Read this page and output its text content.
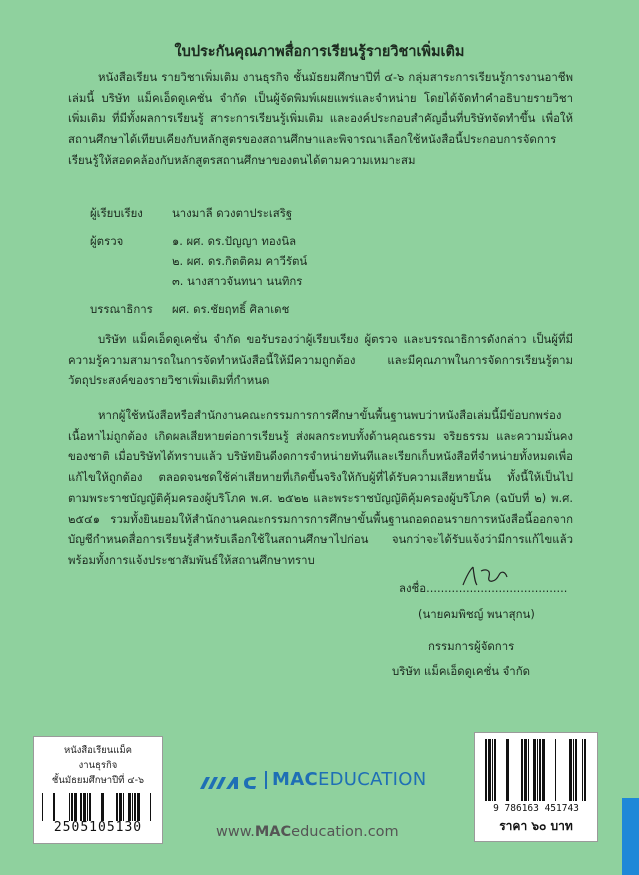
ใบประกันคุณภาพสื่อการเรียนรู้รายวิชาเพิ่มเติม

หนังสือเรียน รายวิชาเพิ่มเติม งานธุรกิจ ชั้นมัธยมศึกษาปีที่ ๔-๖ กลุ่มสาระการเรียนรู้การงานอาชีพ เล่มนี้ บริษัท แม็คเอ็ดดูเคชั่น จำกัด เป็นผู้จัดพิมพ์เผยแพร่และจำหน่าย โดยได้จัดทำคำอธิบายรายวิชาเพิ่มเติม ที่มีทั้งผลการเรียนรู้ สาระการเรียนรู้เพิ่มเติม และองค์ประกอบสำคัญอื่นที่บริษัทจัดทำขึ้น เพื่อให้สถานศึกษาได้เทียบเคียงกับหลักสูตรของสถานศึกษาและพิจารณาเลือกใช้หนังสือนี้ประกอบการจัดการเรียนรู้ให้สอดคล้องกับหลักสูตรสถานศึกษาของตนได้ตามความเหมาะสม

ผู้เรียบเรียง	นางมาลี ดวงตาประเสริฐ
ผู้ตรวจ	๑. ผศ. ดร.ปัญญา ทองนิล
๒. ผศ. ดร.กิตติคม คาวีรัตน์
๓. นางสาวจันทนา นนทิกร
บรรณาธิการ ผศ. ดร.ชัยฤทธิ์ ศิลาเดช

บริษัท แม็คเอ็ดดูเคชั่น จำกัด ขอรับรองว่าผู้เรียบเรียง ผู้ตรวจ และบรรณาธิการดังกล่าว เป็นผู้ที่มีความรู้ความสามารถในการจัดทำหนังสือนี้ให้มีความถูกต้อง และมีคุณภาพในการจัดการเรียนรู้ตามวัตถุประสงค์ของรายวิชาเพิ่มเติมที่กำหนด

หากผู้ใช้หนังสือหรือสำนักงานคณะกรรมการการศึกษาขั้นพื้นฐานพบว่าหนังสือเล่มนี้มีข้อบกพร่อง เนื้อหาไม่ถูกต้อง เกิดผลเสียหายต่อการเรียนรู้ ส่งผลกระทบทั้งด้านคุณธรรม จริยธรรม และความมั่นคงของชาติ เมื่อบริษัทได้ทราบแล้ว บริษัทยินดีงดการจำหน่ายทันทีและเรียกเก็บหนังสือที่จำหน่ายทั้งหมดเพื่อแก้ไขให้ถูกต้อง ตลอดจนชดใช้ค่าเสียหายที่เกิดขึ้นจริงให้กับผู้ที่ได้รับความเสียหายนั้น ทั้งนี้ให้เป็นไปตามพระราชบัญญัติคุ้มครองผู้บริโภค พ.ศ. ๒๕๒๒ และพระราชบัญญัติคุ้มครองผู้บริโภค (ฉบับที่ ๒) พ.ศ. ๒๕๔๑ รวมทั้งยินยอมให้สำนักงานคณะกรรมการการศึกษาขั้นพื้นฐานถอดถอนรายการหนังสือนี้ออกจากบัญชีกำหนดสื่อการเรียนรู้สำหรับเลือกใช้ในสถานศึกษาไปก่อน จนกว่าจะได้รับแจ้งว่ามีการแก้ไขแล้ว พร้อมทั้งการแจ้งประชาสัมพันธ์ให้สถานศึกษาทราบ

ลงชื่อ.......................................
(นายคมพิชญ์ พนาสุกน)
กรรมการผู้จัดการ
บริษัท แม็คเอ็ดดูเคชั่น จำกัด
หนังสือเรียนแม็ค
งานธุรกิจ
ชั้นมัธยมศึกษาปีที่ ๔-๖
2505105130
MACEDUCATION
www.MACeducation.com
9 786163 451743
ราคา ๖๐ บาท
